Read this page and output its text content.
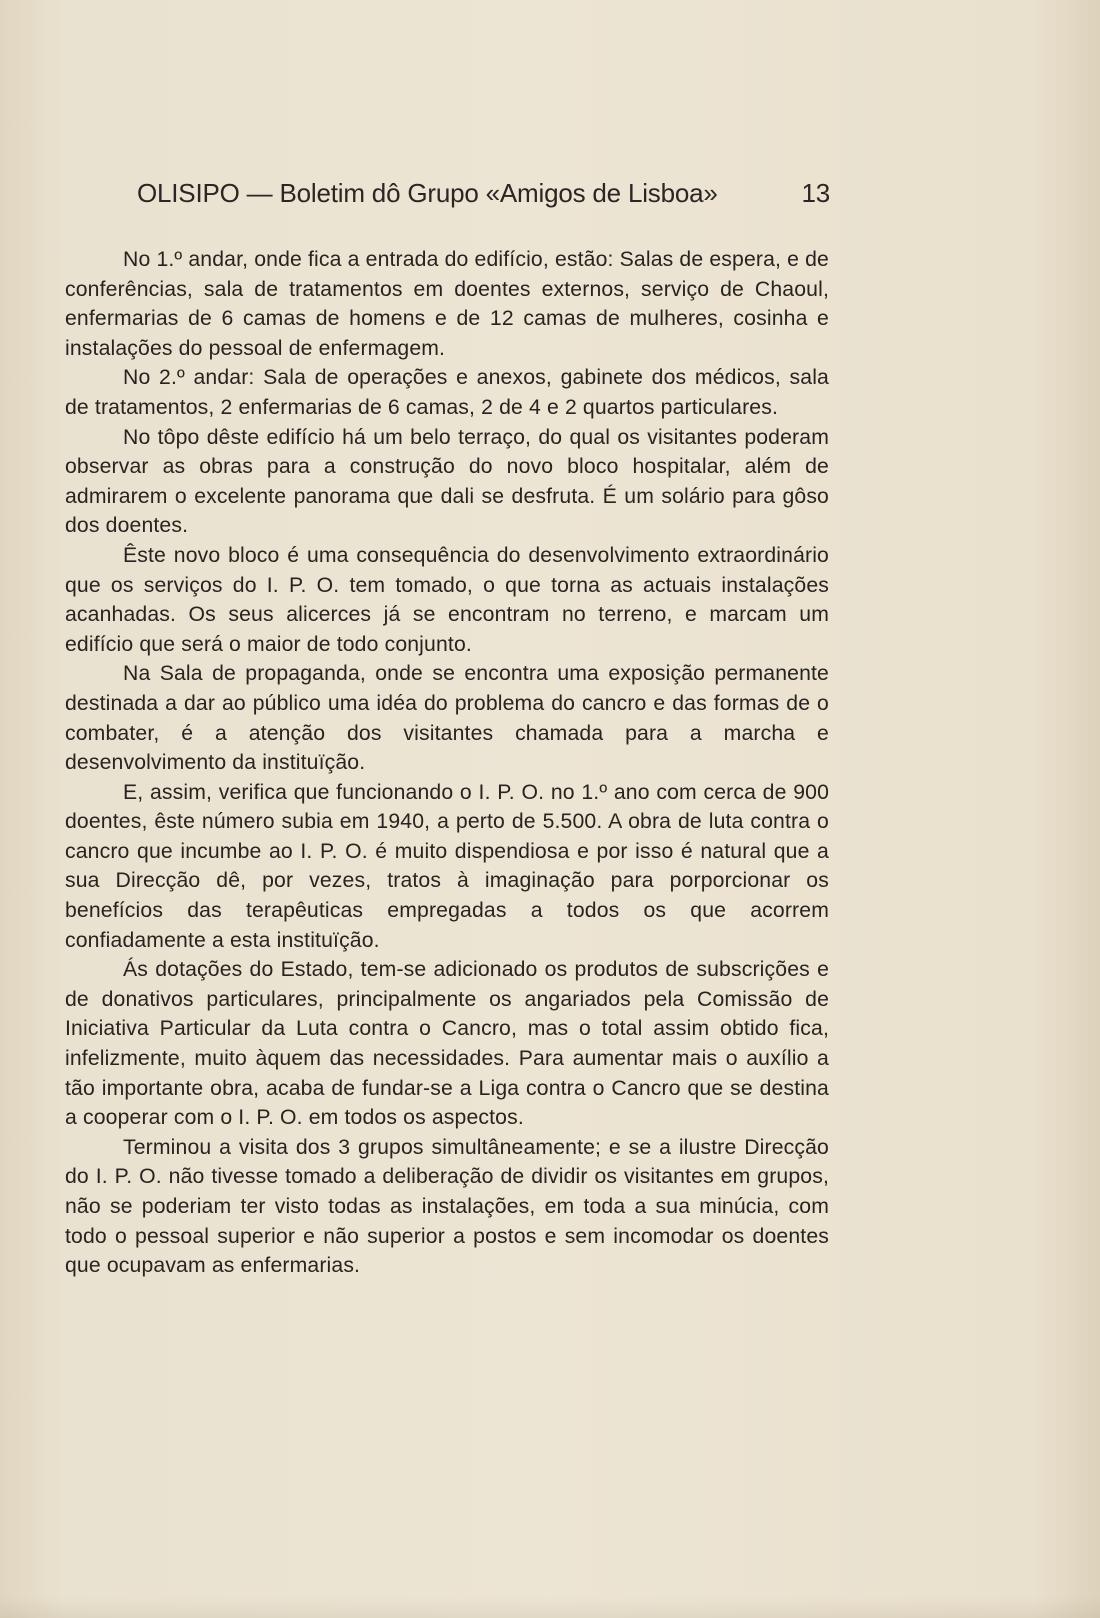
OLISIPO — Boletim dô Grupo «Amigos de Lisboa»	13

No 1.º andar, onde fica a entrada do edifício, estão: Salas de espera, e de conferências, sala de tratamentos em doentes externos, serviço de Chaoul, enfermarias de 6 camas de homens e de 12 camas de mulheres, cosinha e instalações do pessoal de enfermagem.

No 2.º andar: Sala de operações e anexos, gabinete dos médicos, sala de tratamentos, 2 enfermarias de 6 camas, 2 de 4 e 2 quartos particulares.

No tôpo dêste edifício há um belo terraço, do qual os visitantes poderam observar as obras para a construção do novo bloco hospitalar, além de admirarem o excelente panorama que dali se desfruta. É um solário para gôso dos doentes.

Êste novo bloco é uma consequência do desenvolvimento extraordinário que os serviços do I. P. O. tem tomado, o que torna as actuais instalações acanhadas. Os seus alicerces já se encontram no terreno, e marcam um edifício que será o maior de todo conjunto.

Na Sala de propaganda, onde se encontra uma exposição permanente destinada a dar ao público uma idéa do problema do cancro e das formas de o combater, é a atenção dos visitantes chamada para a marcha e desenvolvimento da instituïção.

E, assim, verifica que funcionando o I. P. O. no 1.º ano com cerca de 900 doentes, êste número subia em 1940, a perto de 5.500. A obra de luta contra o cancro que incumbe ao I. P. O. é muito dispendiosa e por isso é natural que a sua Direcção dê, por vezes, tratos à imaginação para porporcionar os benefícios das terapêuticas empregadas a todos os que acorrem confiadamente a esta instituïção.

Ás dotações do Estado, tem-se adicionado os produtos de subscrições e de donativos particulares, principalmente os angariados pela Comissão de Iniciativa Particular da Luta contra o Cancro, mas o total assim obtido fica, infelizmente, muito àquem das necessidades. Para aumentar mais o auxílio a tão importante obra, acaba de fundar-se a Liga contra o Cancro que se destina a cooperar com o I. P. O. em todos os aspectos.

Terminou a visita dos 3 grupos simultâneamente; e se a ilustre Direcção do I. P. O. não tivesse tomado a deliberação de dividir os visitantes em grupos, não se poderiam ter visto todas as instalações, em toda a sua minúcia, com todo o pessoal superior e não superior a postos e sem incomodar os doentes que ocupavam as enfermarias.
